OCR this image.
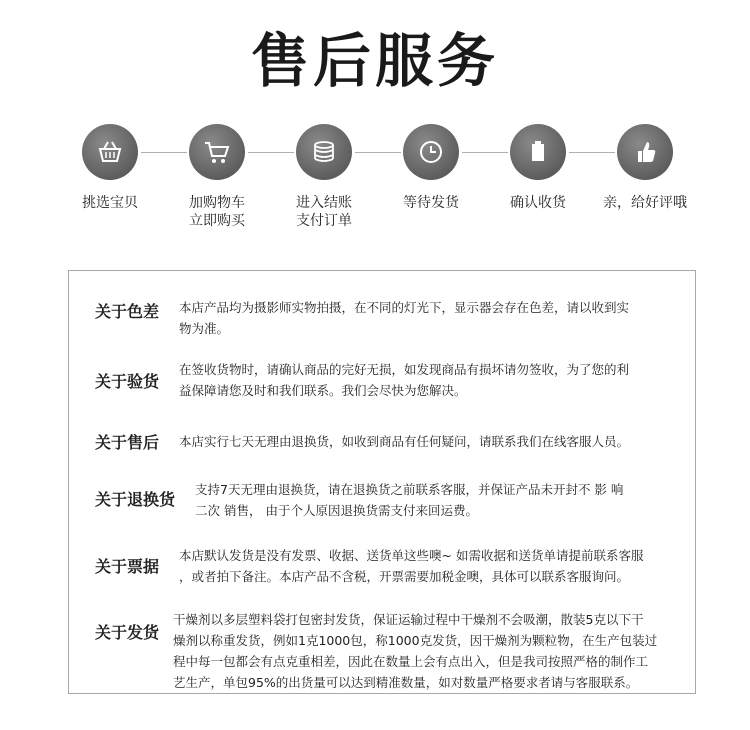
售后服务
挑选宝贝	加购物车
立即购买
进入结账
支付订单
等待发货	确认收货	亲，给好评哦
关于色差 本店产品均为摄影师实物拍摄，在不同的灯光下，显示器会存在色差，请以收到实
物为准。
关于验货
在签收货物时，请确认商品的完好无损，如发现商品有损坏请勿签收，为了您的利
益保障请您及时和我们联系。我们会尽快为您解决。
关于售后 本店实行七天无理由退换货，如收到商品有任何疑问，请联系我们在线客服人员。
关于退换货
支持7天无理由退换货，请在退换货之前联系客服，并保证产品未开封不 影 响
二次 销售， 由于个人原因退换货需支付来回运费。
关于票据
本店默认发货是没有发票、收据、送货单这些噢~ 如需收据和送货单请提前联系客服
，或者拍下备注。本店产品不含税，开票需要加税金噢，具体可以联系客服询问。
关于发货
干燥剂以多层塑料袋打包密封发货，保证运输过程中干燥剂不会吸潮，散装5克以下干
燥剂以称重发货，例如1克1000包，称1000克发货，因干燥剂为颗粒物，在生产包装过
程中每一包都会有点克重相差，因此在数量上会有点出入，但是我司按照严格的制作工
艺生产，单包95%的出货量可以达到精准数量，如对数量严格要求者请与客服联系。
